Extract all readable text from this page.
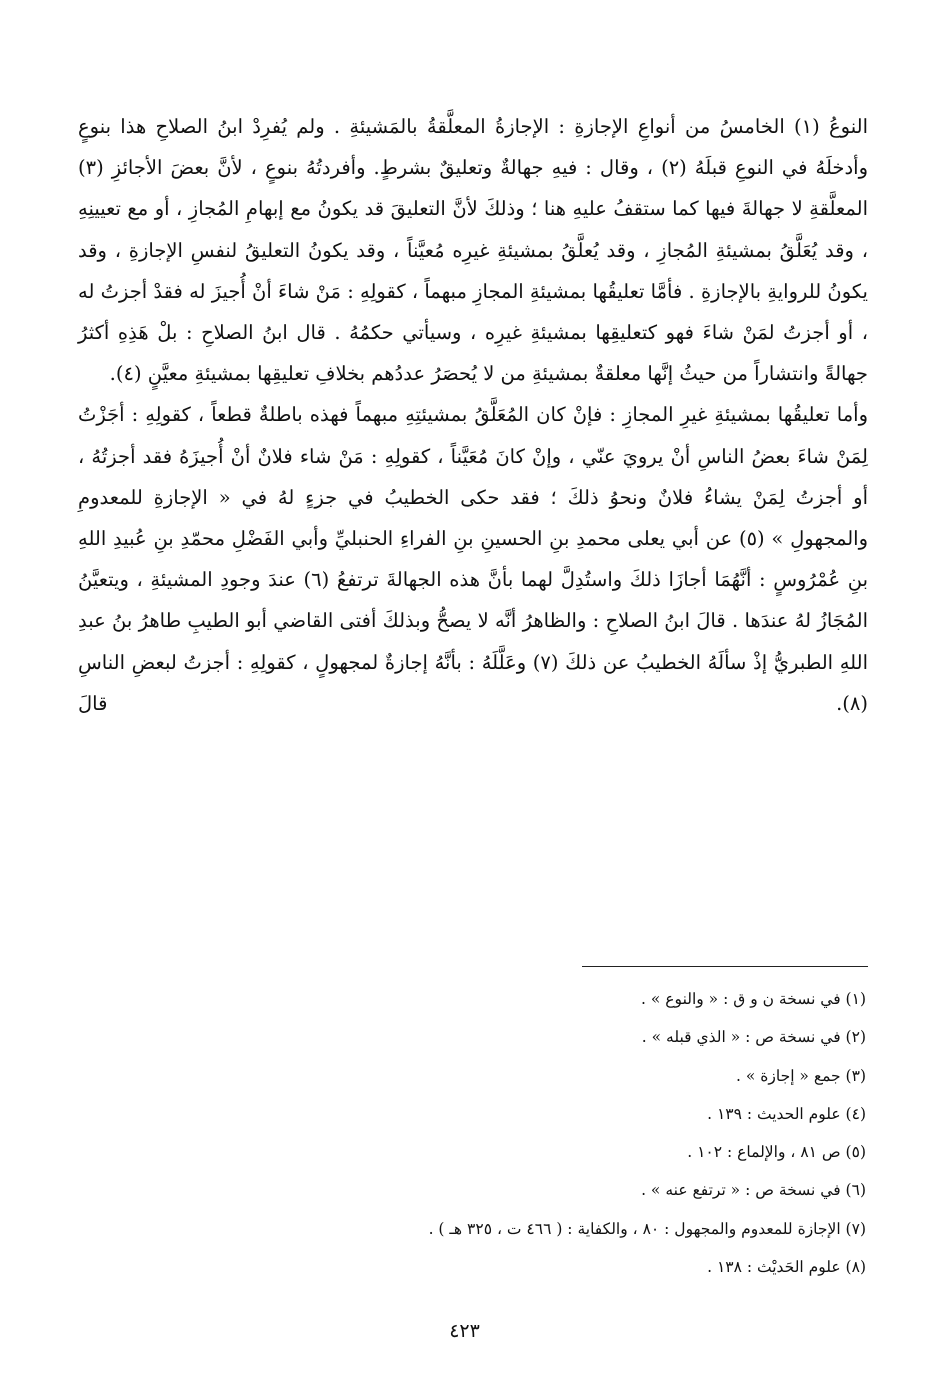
النوعُ (١) الخامسُ من أنواعِ الإجازةِ : الإجازةُ المعلَّقةُ بالمَشيئةِ . ولم يُفرِدْ ابنُ الصلاحِ هذا بنوعٍ وأدخلَهُ في النوعِ قبلَهُ (٢) ، وقال : فيهِ جهالةٌ وتعليقٌ بشرطٍ. وأفردتُهُ بنوعٍ ، لأنَّ بعضَ الأجائزِ (٣) المعلَّقةِ لا جهالةَ فيها كما ستقفُ عليهِ هنا ؛ وذلكَ لأنَّ التعليقَ قد يكونُ مع إبهامِ المُجازِ ، أو مع تعيينِهِ ، وقد يُعَلَّقُ بمشيئةِ المُجازِ ، وقد يُعلَّقُ بمشيئةِ غيرِه مُعيَّناً ، وقد يكونُ التعليقُ لنفسِ الإجازةِ ، وقد يكونُ للروايةِ بالإجازةِ . فأمَّا تعليقُها بمشيئةِ المجازِ مبهماً ، كقولِهِ : مَنْ شاءَ أنْ أُجيزَ له فقدْ أجزتُ له ، أو أجزتُ لمَنْ شاءَ فهو كتعليقِها بمشيئةِ غيرِه ، وسيأتي حكمُهُ . قال ابنُ الصلاحِ : بلْ هَذِهِ أكثرُ جهالةً وانتشاراً من حيثُ إنَّها معلقةٌ بمشيئةِ من لا يُحصَرُ عددُهم بخلافِ تعليقِها بمشيئةِ معيَّنٍ (٤).

وأما تعليقُها بمشيئةِ غيرِ المجازِ : فإنْ كان المُعَلَّقُ بمشيئتِهِ مبهماً فهذه باطلةٌ قطعاً ، كقولِهِ : أجَزْتُ لِمَنْ شاءَ بعضُ الناسِ أنْ يرويَ عنّي ، وإنْ كانَ مُعَيَّناً ، كقولِهِ : مَنْ شاء فلانٌ أنْ أُجيزَهُ فقد أجزتُهُ ، أو أجزتُ لِمَنْ يشاءُ فلانٌ ونحوُ ذلكَ ؛ فقد حكى الخطيبُ في جزءٍ لهُ في « الإجازةِ للمعدومِ والمجهولِ » (٥) عن أبي يعلى محمدِ بنِ الحسينِ بنِ الفراءِ الحنبليِّ وأبي الفَضْلِ محمّدِ بنِ عُبيدِ اللهِ بنِ عُمْرُوسٍ : أنَّهُمَا أجازَا ذلكَ واستُدِلَّ لهما بأنَّ هذه الجهالةَ ترتفعُ (٦) عندَ وجودِ المشيئةِ ، ويتعيَّنُ المُجَازُ لهُ عندَها . قالَ ابنُ الصلاحِ : والظاهرُ أنَّه لا يصحُّ وبذلكَ أفتى القاضي أبو الطيبِ طاهرُ بنُ عبدِ اللهِ الطبريُّ إذْ سألَهُ الخطيبُ عن ذلكَ (٧) وعَلَّلَهُ : بأنَّهُ إجازةٌ لمجهولٍ ، كقولِهِ : أجزتُ لبعضِ الناسِ (٨). قالَ

(١) في نسخة ن و ق : « والنوع » .
(٢) في نسخة ص : « الذي قبله » .
(٣) جمع « إجازة » .
(٤) علوم الحديث : ١٣٩ .
(٥) ص ٨١ ، والإلماع : ١٠٢ .
(٦) في نسخة ص : « ترتفع عنه » .
(٧) الإجازة للمعدوم والمجهول : ٨٠ ، والكفاية : ( ٤٦٦ ت ، ٣٢٥ هـ ) .
(٨) علوم الحَديْث : ١٣٨ .
٤٢٣
